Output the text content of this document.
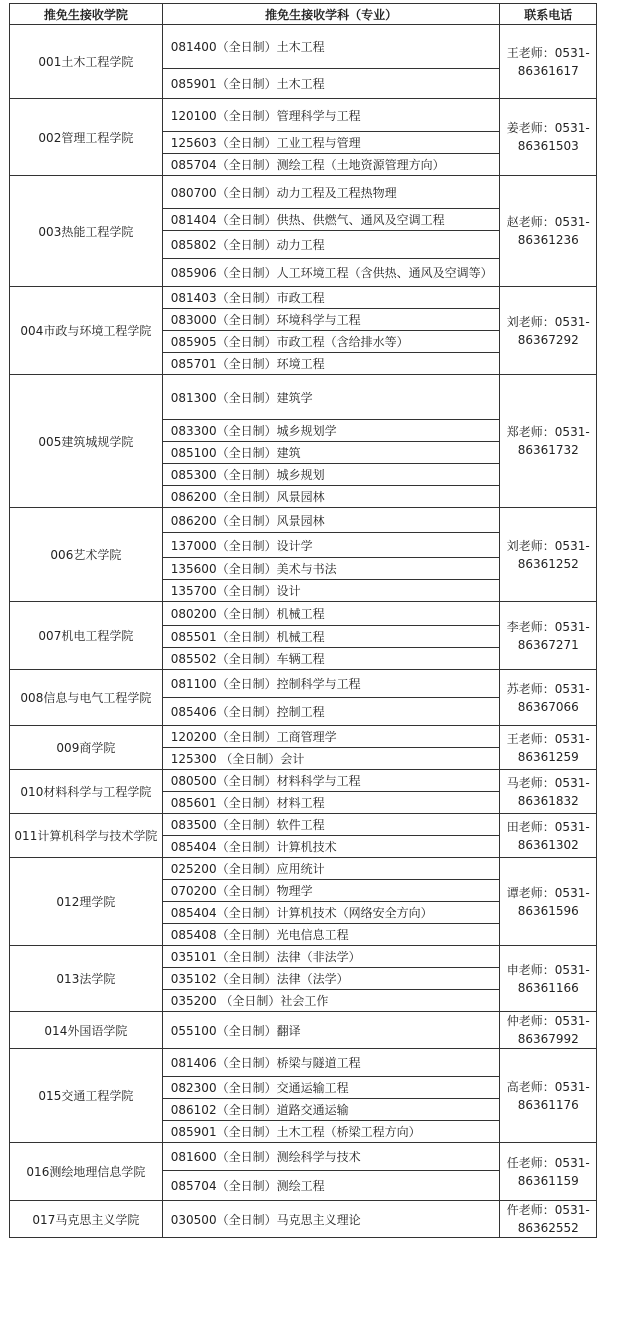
推免生接收学院	推免生接收学科（专业）	联系电话
001土木工程学院	081400（全日制）土木工程	王老师：0531-
86361617

	085901（全日制）土木工程	
002管理工程学院	120100（全日制）管理科学与工程	姜老师：0531-
86361503

	125603（全日制）工业工程与管理	
	085704（全日制）测绘工程（土地资源管理方向）	
003热能工程学院	080700（全日制）动力工程及工程热物理	赵老师：0531-
86361236

	081404（全日制）供热、供燃气、通风及空调工程	
	085802（全日制）动力工程	
	085906（全日制）人工环境工程（含供热、通风及空调等）	
004市政与环境工程学院	081403（全日制）市政工程	刘老师：0531-
86367292

	083000（全日制）环境科学与工程	
	085905（全日制）市政工程（含给排水等）	
	085701（全日制）环境工程	
005建筑城规学院	081300（全日制）建筑学	郑老师：0531-
86361732

	083300（全日制）城乡规划学	
	085100（全日制）建筑	
	085300（全日制）城乡规划	
	086200（全日制）风景园林	
006艺术学院	086200（全日制）风景园林	刘老师：0531-
86361252

	137000（全日制）设计学	
	135600（全日制）美术与书法	
	135700（全日制）设计	
007机电工程学院	080200（全日制）机械工程	李老师：0531-
86367271

	085501（全日制）机械工程	
	085502（全日制）车辆工程	
008信息与电气工程学院	081100（全日制）控制科学与工程	苏老师：0531-
86367066

	085406（全日制）控制工程	
009商学院	120200（全日制）工商管理学	王老师：0531-
86361259

	125300 （全日制）会计	
010材料科学与工程学院	080500（全日制）材料科学与工程	马老师：0531-
86361832

	085601（全日制）材料工程	
011计算机科学与技术学院	083500（全日制）软件工程	田老师：0531-
86361302

	085404（全日制）计算机技术	
012理学院	025200（全日制）应用统计	谭老师：0531-
86361596

	070200（全日制）物理学	
	085404（全日制）计算机技术（网络安全方向）	
	085408（全日制）光电信息工程	
013法学院	035101（全日制）法律（非法学）	申老师：0531-
86361166

	035102（全日制）法律（法学）	
	035200 （全日制）社会工作	
014外国语学院	055100（全日制）翻译	仲老师：0531-
86367992

015交通工程学院	081406（全日制）桥梁与隧道工程	高老师：0531-
86361176

	082300（全日制）交通运输工程	
	086102（全日制）道路交通运输	
	085901（全日制）土木工程（桥梁工程方向）	
016测绘地理信息学院	081600（全日制）测绘科学与技术	任老师：0531-
86361159

	085704（全日制）测绘工程	
017马克思主义学院	030500（全日制）马克思主义理论	仵老师：0531-
86362552
